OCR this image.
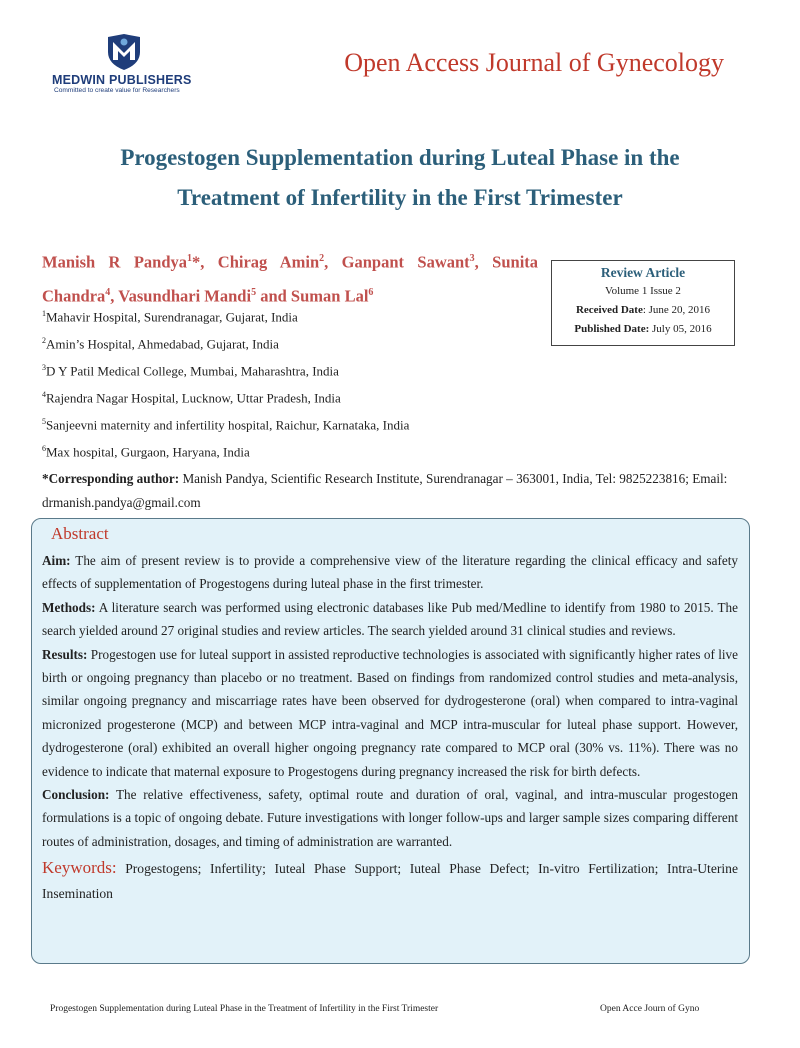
MEDWIN PUBLISHERS
Committed to create value for Researchers
Open Access Journal of Gynecology
Progestogen Supplementation during Luteal Phase in the
Treatment of Infertility in the First Trimester
Manish R Pandya$^1$*, Chirag Amin$^2$, Ganpant Sawant$^3$, Sunita Chandra$^4$, Vasundhari Mandi$^5$ and Suman Lal$^6$
$^1$Mahavir Hospital, Surendranagar, Gujarat, India
$^2$Amin’s Hospital, Ahmedabad, Gujarat, India
$^3$D Y Patil Medical College, Mumbai, Maharashtra, India
$^4$Rajendra Nagar Hospital, Lucknow, Uttar Pradesh, India
$^5$Sanjeevni maternity and infertility hospital, Raichur, Karnataka, India
$^6$Max hospital, Gurgaon, Haryana, India
Review Article
Volume 1 Issue 2
Received Date: June 20, 2016
Published Date: July 05, 2016
*Corresponding author: Manish Pandya, Scientific Research Institute, Surendranagar – 363001, India, Tel: 9825223816; Email: drmanish.pandya@gmail.com
Abstract

Aim: The aim of present review is to provide a comprehensive view of the literature regarding the clinical efficacy and safety effects of supplementation of Progestogens during luteal phase in the first trimester.

Methods: A literature search was performed using electronic databases like Pub med/Medline to identify from 1980 to 2015. The search yielded around 27 original studies and review articles. The search yielded around 31 clinical studies and reviews.

Results: Progestogen use for luteal support in assisted reproductive technologies is associated with significantly higher rates of live birth or ongoing pregnancy than placebo or no treatment. Based on findings from randomized control studies and meta-analysis, similar ongoing pregnancy and miscarriage rates have been observed for dydrogesterone (oral) when compared to intra-vaginal micronized progesterone (MCP) and between MCP intra-vaginal and MCP intra-muscular for luteal phase support. However, dydrogesterone (oral) exhibited an overall higher ongoing pregnancy rate compared to MCP oral (30% vs. 11%). There was no evidence to indicate that maternal exposure to Progestogens during pregnancy increased the risk for birth defects.

Conclusion: The relative effectiveness, safety, optimal route and duration of oral, vaginal, and intra-muscular progestogen formulations is a topic of ongoing debate. Future investigations with longer follow-ups and larger sample sizes comparing different routes of administration, dosages, and timing of administration are warranted.

Keywords: Progestogens; Infertility; Iuteal Phase Support; Iuteal Phase Defect; In-vitro Fertilization; Intra-Uterine Insemination

Progestogen Supplementation during Luteal Phase in the Treatment of Infertility in the First Trimester	Open Acce Journ of Gyno
